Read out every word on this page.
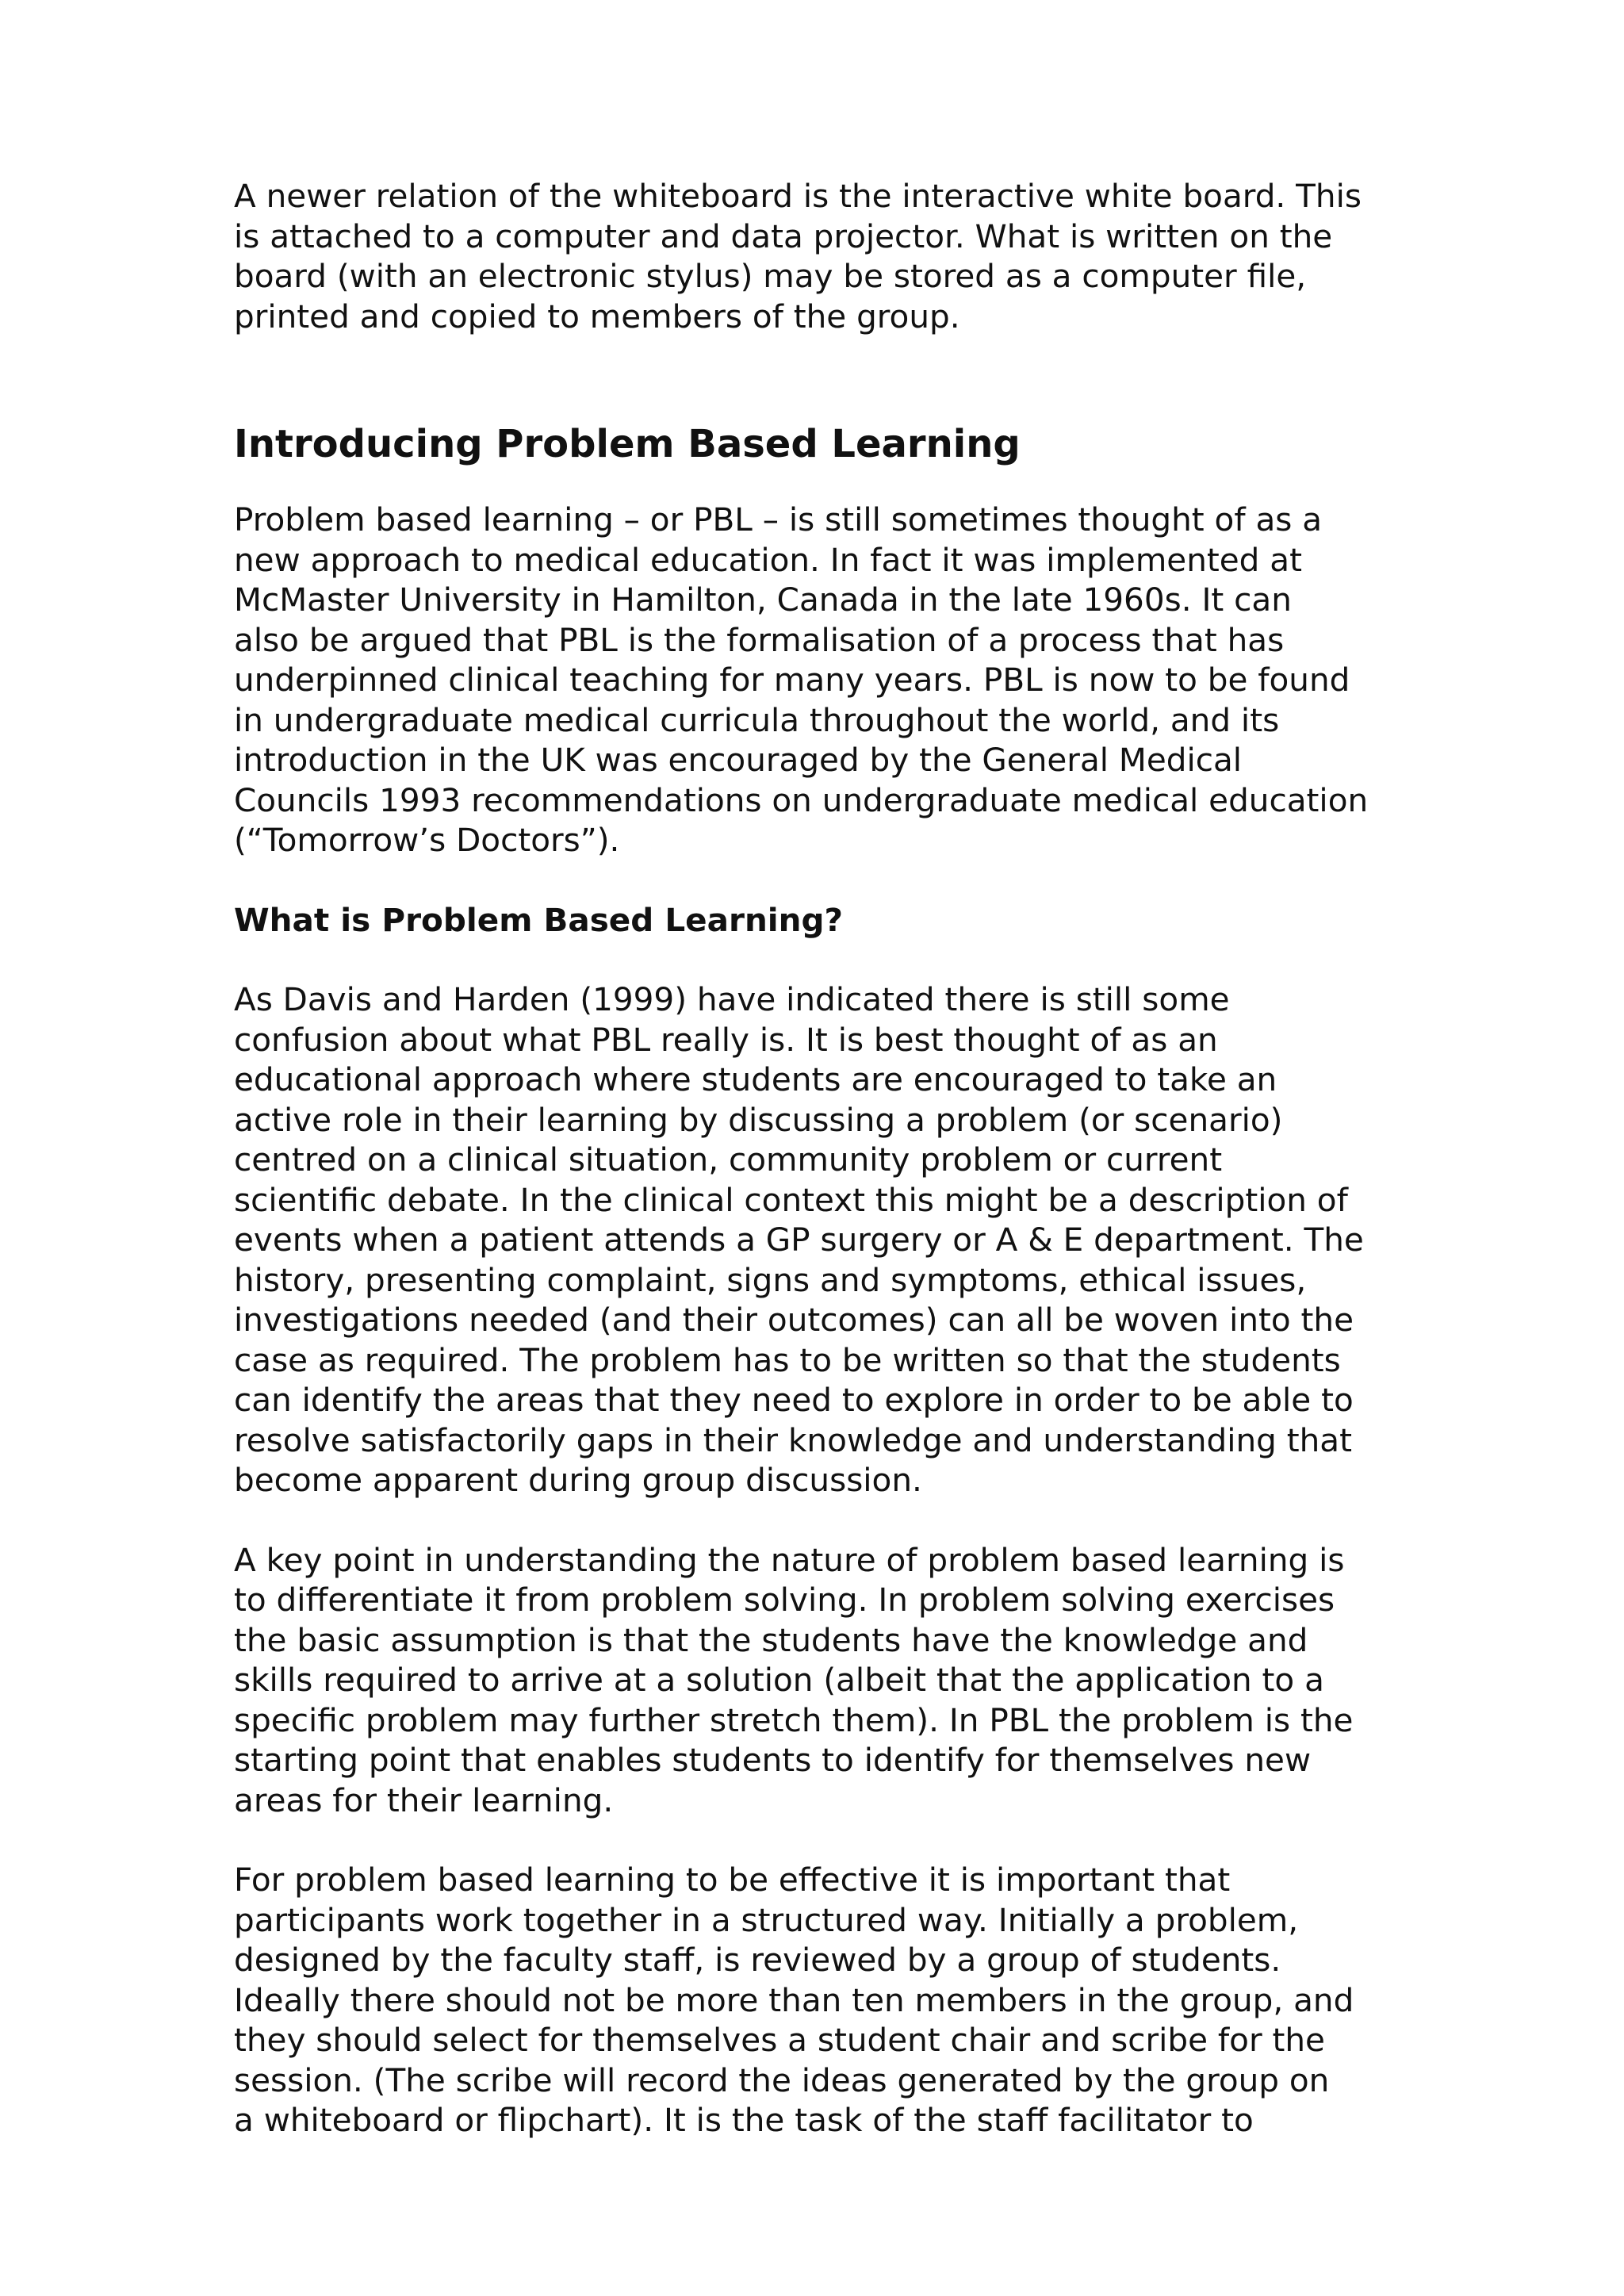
A newer relation of the whiteboard is the interactive white board. This
is attached to a computer and data projector. What is written on the
board (with an electronic stylus) may be stored as a computer file,
printed and copied to members of the group.

Introducing Problem Based Learning

Problem based learning – or PBL – is still sometimes thought of as a
new approach to medical education. In fact it was implemented at
McMaster University in Hamilton, Canada in the late 1960s. It can
also be argued that PBL is the formalisation of a process that has
underpinned clinical teaching for many years. PBL is now to be found
in undergraduate medical curricula throughout the world, and its
introduction in the UK was encouraged by the General Medical
Councils 1993 recommendations on undergraduate medical education
(“Tomorrow’s Doctors”).

What is Problem Based Learning?

As Davis and Harden (1999) have indicated there is still some
confusion about what PBL really is. It is best thought of as an
educational approach where students are encouraged to take an
active role in their learning by discussing a problem (or scenario)
centred on a clinical situation, community problem or current
scientific debate. In the clinical context this might be a description of
events when a patient attends a GP surgery or A & E department. The
history, presenting complaint, signs and symptoms, ethical issues,
investigations needed (and their outcomes) can all be woven into the
case as required. The problem has to be written so that the students
can identify the areas that they need to explore in order to be able to
resolve satisfactorily gaps in their knowledge and understanding that
become apparent during group discussion.

A key point in understanding the nature of problem based learning is
to differentiate it from problem solving. In problem solving exercises
the basic assumption is that the students have the knowledge and
skills required to arrive at a solution (albeit that the application to a
specific problem may further stretch them). In PBL the problem is the
starting point that enables students to identify for themselves new
areas for their learning.

For problem based learning to be effective it is important that
participants work together in a structured way. Initially a problem,
designed by the faculty staff, is reviewed by a group of students.
Ideally there should not be more than ten members in the group, and
they should select for themselves a student chair and scribe for the
session. (The scribe will record the ideas generated by the group on
a whiteboard or flipchart). It is the task of the staff facilitator to
